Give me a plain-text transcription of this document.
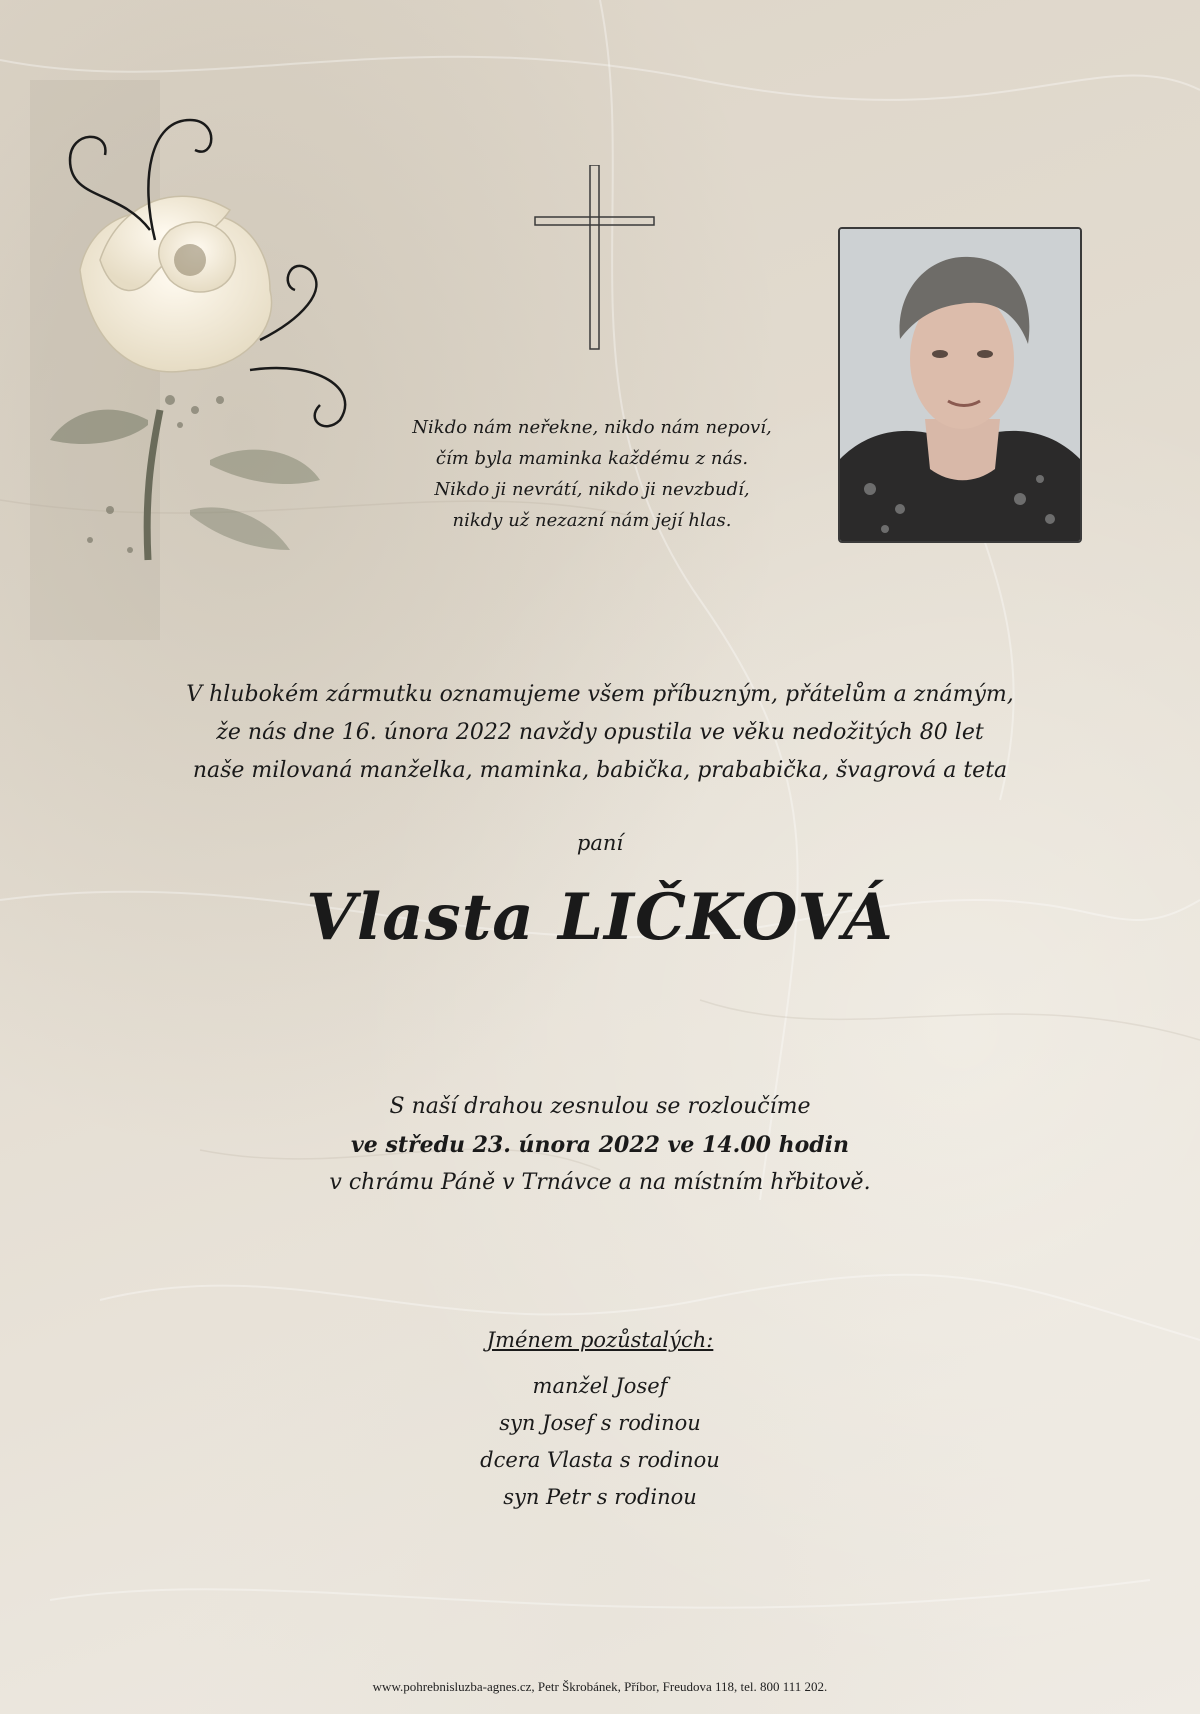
Nikdo nám neřekne, nikdo nám nepoví,
čím byla maminka každému z nás.
Nikdo ji nevrátí, nikdo ji nevzbudí,
nikdy už nezazní nám její hlas.
V hlubokém zármutku oznamujeme všem příbuzným, přátelům a známým,
že nás dne 16. února 2022 navždy opustila ve věku nedožitých 80 let
naše milovaná manželka, maminka, babička, prababička, švagrová a teta
paní
Vlasta LIČKOVÁ
S naší drahou zesnulou se rozloučíme
ve středu 23. února 2022 ve 14.00 hodin
v chrámu Páně v Trnávce a na místním hřbitově.
Jménem pozůstalých:
manžel Josef
syn Josef s rodinou
dcera Vlasta s rodinou
syn Petr s rodinou
www.pohrebnisluzba-agnes.cz, Petr Škrobánek, Příbor, Freudova 118, tel. 800 111 202.
